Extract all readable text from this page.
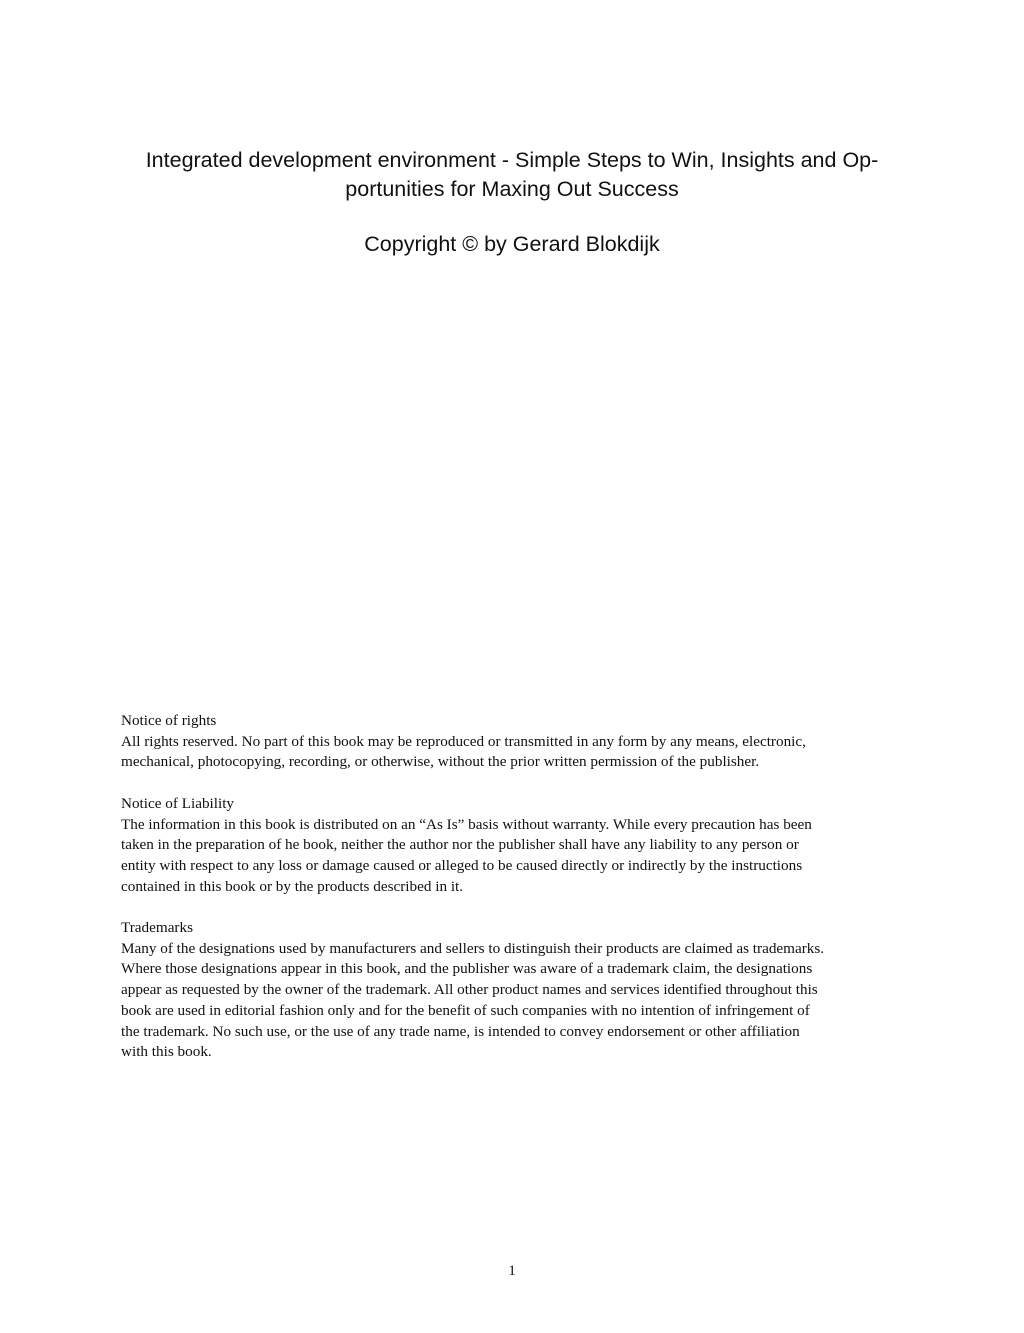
Integrated development environment - Simple Steps to Win, Insights and Op-
portunities for Maxing Out Success
Copyright © by Gerard Blokdijk
Notice of rights
All rights reserved. No part of this book may be reproduced or transmitted in any form by any means, electronic,
mechanical, photocopying, recording, or otherwise, without the prior written permission of the publisher.
Notice of Liability
The information in this book is distributed on an “As Is” basis without warranty. While every precaution has been
taken in the preparation of he book, neither the author nor the publisher shall have any liability to any person or
entity with respect to any loss or damage caused or alleged to be caused directly or indirectly by the instructions
contained in this book or by the products described in it.
Trademarks
Many of the designations used by manufacturers and sellers to distinguish their products are claimed as trademarks.
Where those designations appear in this book, and the publisher was aware of a trademark claim, the designations
appear as requested by the owner of the trademark. All other product names and services identified throughout this
book are used in editorial fashion only and for the benefit of such companies with no intention of infringement of
the trademark. No such use, or the use of any trade name, is intended to convey endorsement or other affiliation
with this book.
1
